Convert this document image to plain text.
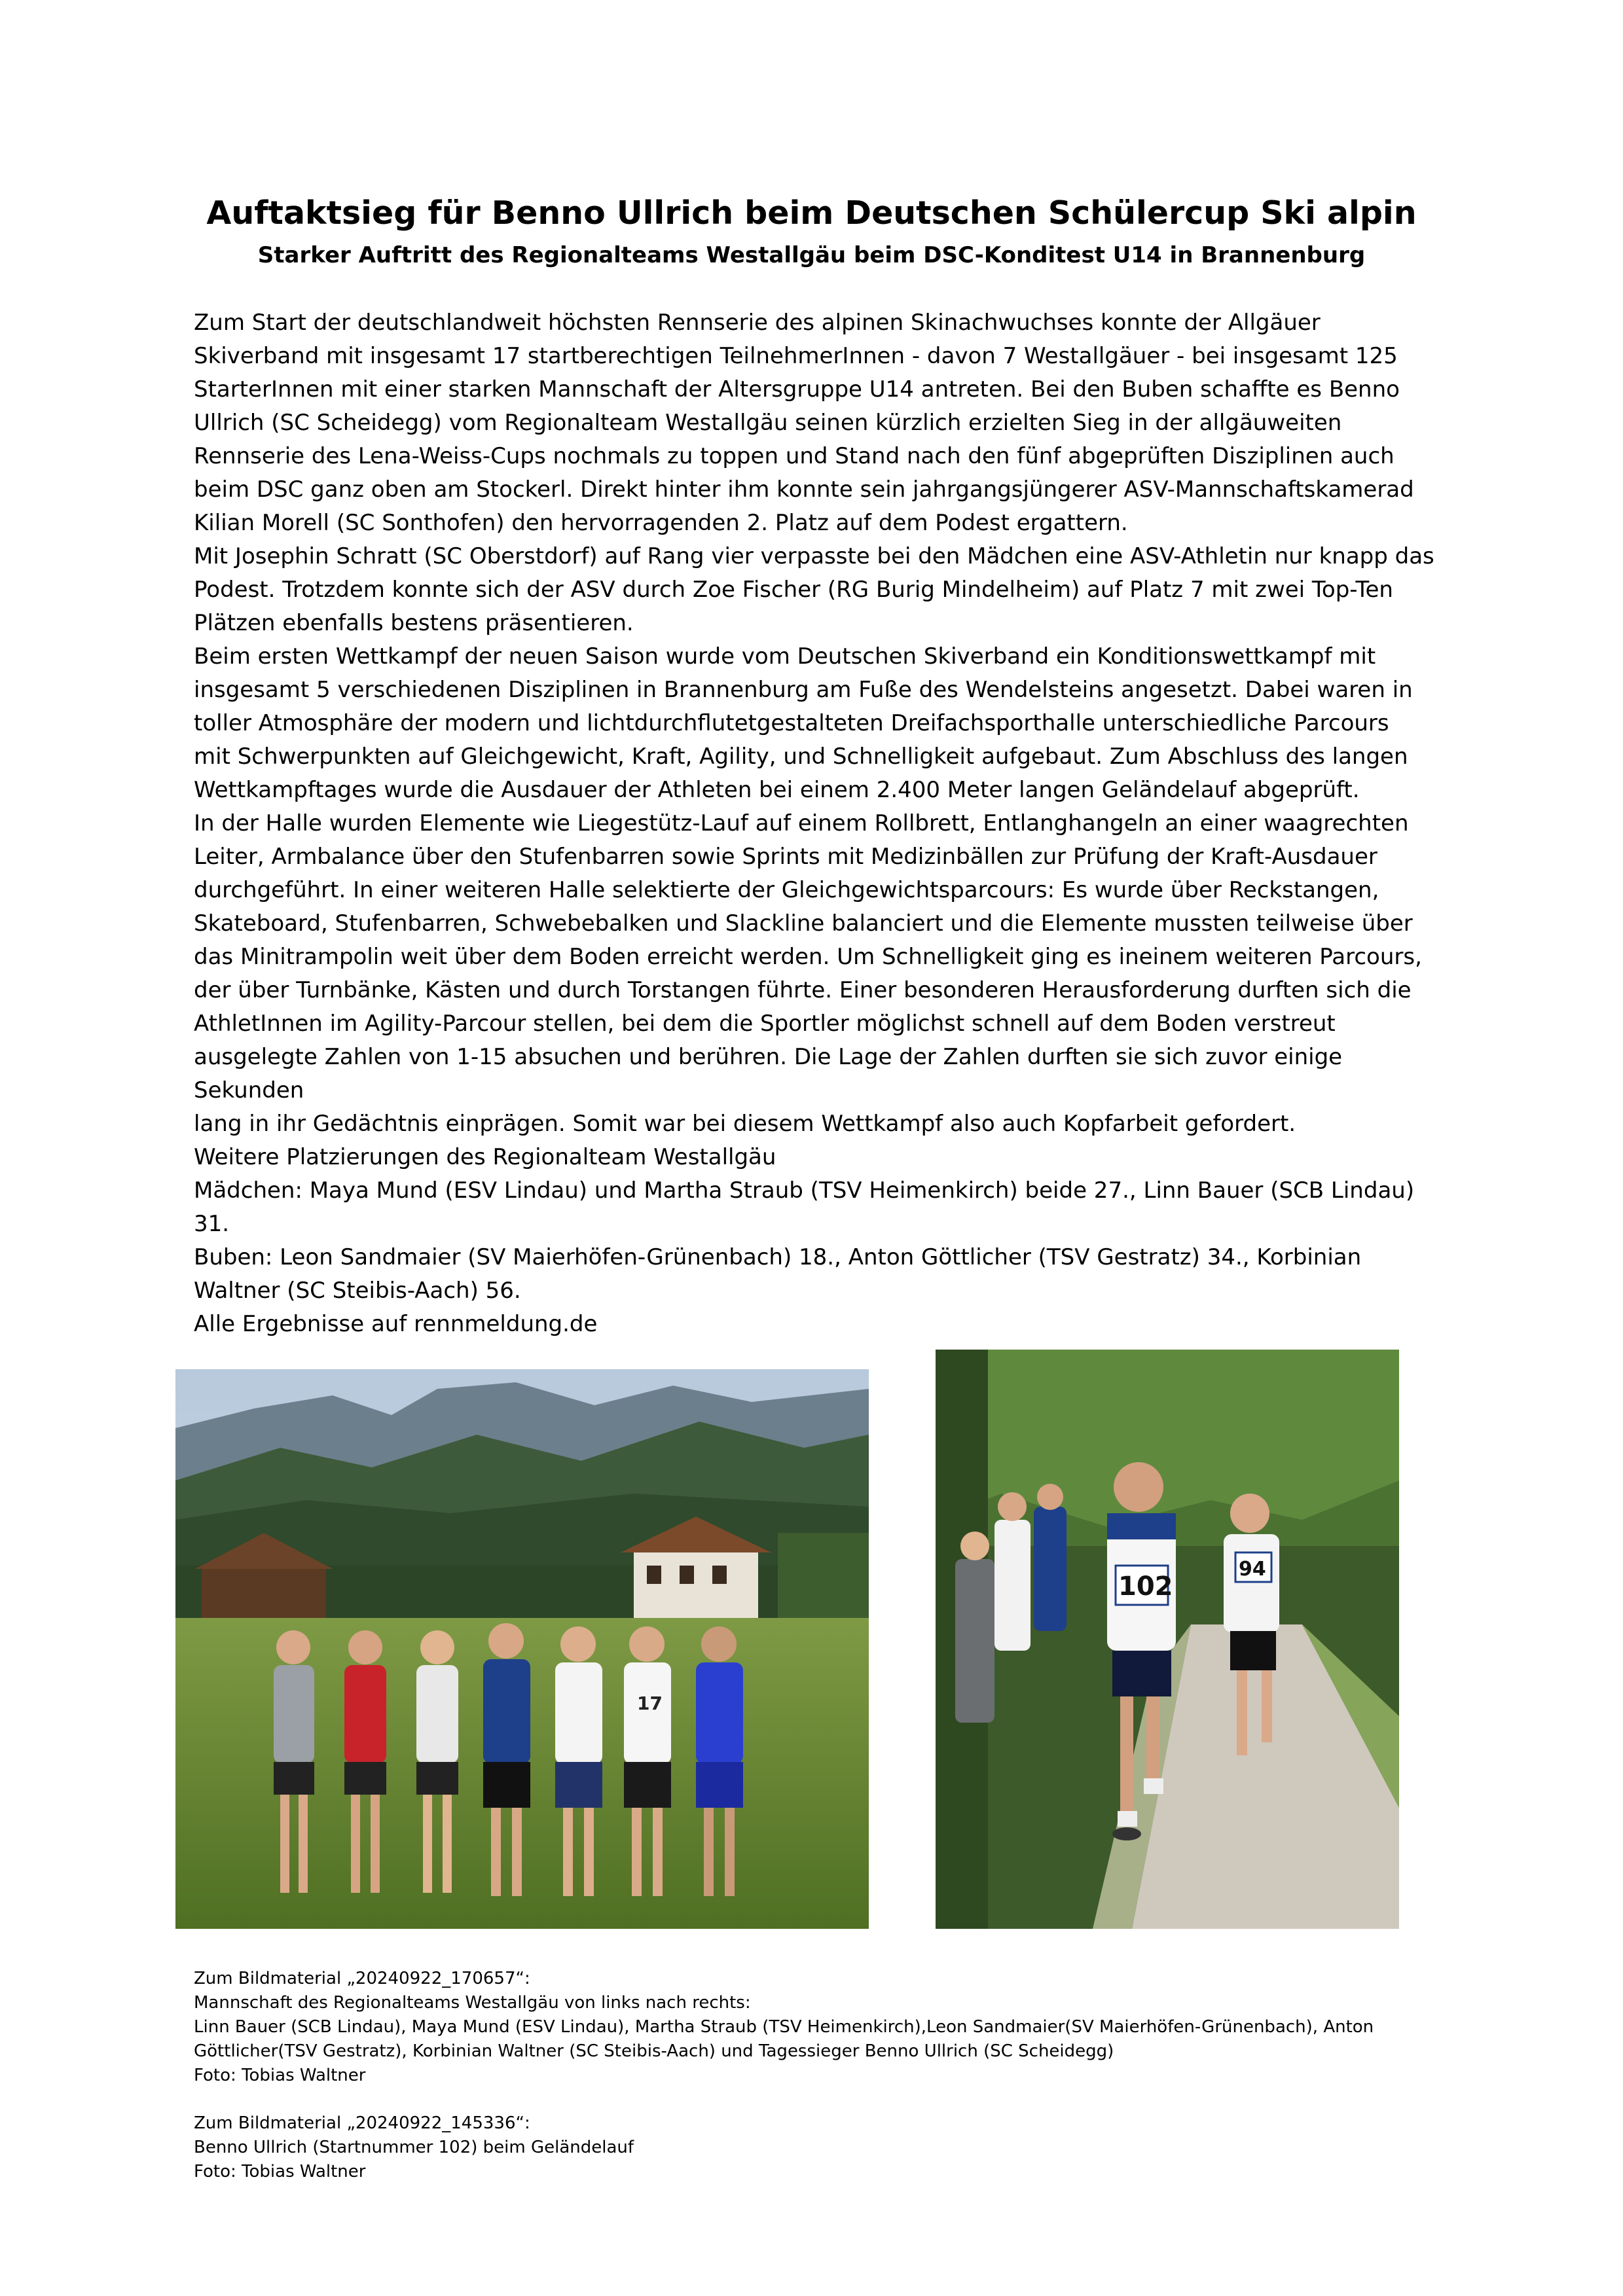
Auftaktsieg für Benno Ullrich beim Deutschen Schülercup Ski alpin
Starker Auftritt des Regionalteams Westallgäu beim DSC-Konditest U14 in Brannenburg

Zum Start der deutschlandweit höchsten Rennserie des alpinen Skinachwuchses konnte der Allgäuer

Skiverband mit insgesamt 17 startberechtigen TeilnehmerInnen - davon 7 Westallgäuer - bei insgesamt 125

StarterInnen mit einer starken Mannschaft der Altersgruppe U14 antreten. Bei den Buben schaffte es Benno

Ullrich (SC Scheidegg) vom Regionalteam Westallgäu seinen kürzlich erzielten Sieg in der allgäuweiten

Rennserie des Lena-Weiss-Cups nochmals zu toppen und Stand nach den fünf abgeprüften Disziplinen auch

beim DSC ganz oben am Stockerl. Direkt hinter ihm konnte sein jahrgangsjüngerer ASV-Mannschaftskamerad

Kilian Morell (SC Sonthofen) den hervorragenden 2. Platz auf dem Podest ergattern.

Mit Josephin Schratt (SC Oberstdorf) auf Rang vier verpasste bei den Mädchen eine ASV-Athletin nur knapp das

Podest. Trotzdem konnte sich der ASV durch Zoe Fischer (RG Burig Mindelheim) auf Platz 7 mit zwei Top-Ten

Plätzen ebenfalls bestens präsentieren.

Beim ersten Wettkampf der neuen Saison wurde vom Deutschen Skiverband ein Konditionswettkampf mit

insgesamt 5 verschiedenen Disziplinen in Brannenburg am Fuße des Wendelsteins angesetzt. Dabei waren in

toller Atmosphäre der modern und lichtdurchflutetgestalteten Dreifachsporthalle unterschiedliche Parcours

mit Schwerpunkten auf Gleichgewicht, Kraft, Agility, und Schnelligkeit aufgebaut. Zum Abschluss des langen

Wettkampftages wurde die Ausdauer der Athleten bei einem 2.400 Meter langen Geländelauf abgeprüft.

In der Halle wurden Elemente wie Liegestütz-Lauf auf einem Rollbrett, Entlanghangeln an einer waagrechten

Leiter, Armbalance über den Stufenbarren sowie Sprints mit Medizinbällen zur Prüfung der Kraft-Ausdauer

durchgeführt. In einer weiteren Halle selektierte der Gleichgewichtsparcours: Es wurde über Reckstangen,

Skateboard, Stufenbarren, Schwebebalken und Slackline balanciert und die Elemente mussten teilweise über

das Minitrampolin weit über dem Boden erreicht werden. Um Schnelligkeit ging es ineinem weiteren Parcours,

der über Turnbänke, Kästen und durch Torstangen führte. Einer besonderen Herausforderung durften sich die

AthletInnen im Agility-Parcour stellen, bei dem die Sportler möglichst schnell auf dem Boden verstreut

ausgelegte Zahlen von 1-15 absuchen und berühren. Die Lage der Zahlen durften sie sich zuvor einige Sekunden

lang in ihr Gedächtnis einprägen. Somit war bei diesem Wettkampf also auch Kopfarbeit gefordert.

Weitere Platzierungen des Regionalteam Westallgäu

Mädchen: Maya Mund (ESV Lindau) und Martha Straub (TSV Heimenkirch) beide 27., Linn Bauer (SCB Lindau)

31.

Buben: Leon Sandmaier (SV Maierhöfen-Grünenbach) 18., Anton Göttlicher (TSV Gestratz) 34., Korbinian

Waltner (SC Steibis-Aach) 56.

Alle Ergebnisse auf rennmeldung.de

17
94
102

Zum Bildmaterial „20240922_170657“:

Mannschaft des Regionalteams Westallgäu von links nach rechts:

Linn Bauer (SCB Lindau), Maya Mund (ESV Lindau), Martha Straub (TSV Heimenkirch),Leon Sandmaier(SV Maierhöfen-Grünenbach), Anton

Göttlicher(TSV Gestratz), Korbinian Waltner (SC Steibis-Aach) und Tagessieger Benno Ullrich (SC Scheidegg)

Foto: Tobias Waltner

Zum Bildmaterial „20240922_145336“:

Benno Ullrich (Startnummer 102) beim Geländelauf

Foto: Tobias Waltner
